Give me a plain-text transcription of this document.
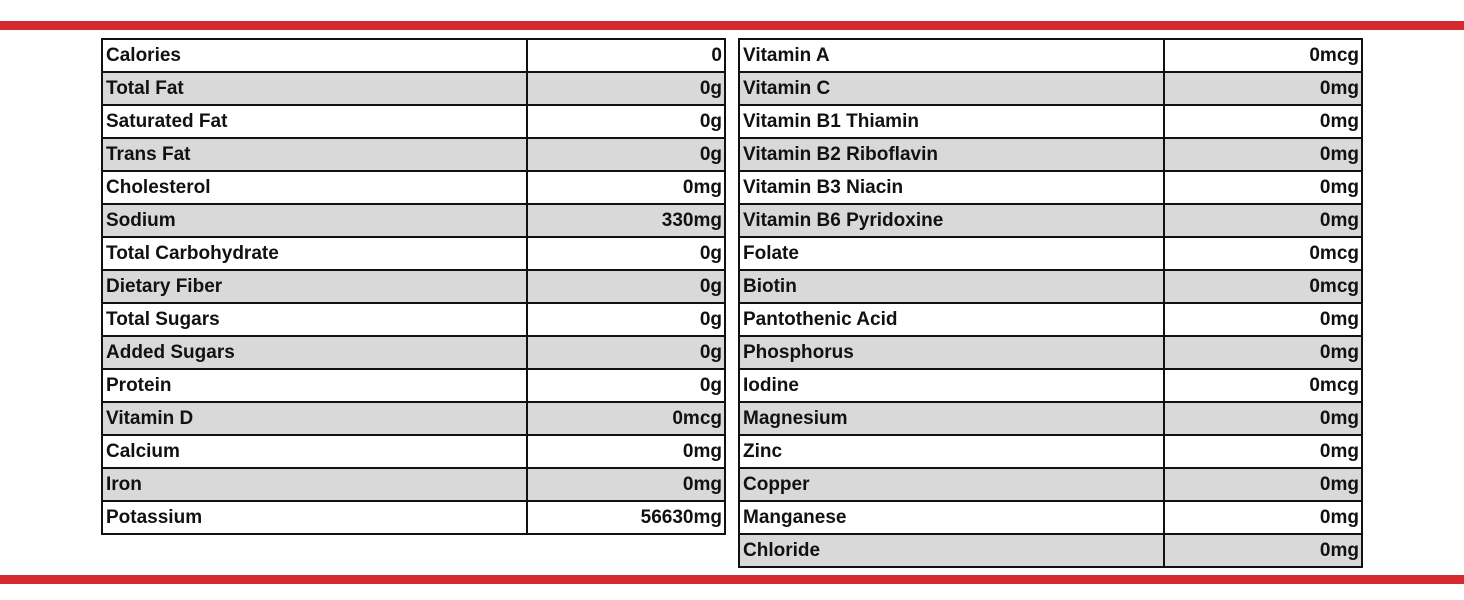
Calories	0
Total Fat	0g
Saturated Fat	0g
Trans Fat	0g
Cholesterol	0mg
Sodium	330mg
Total Carbohydrate	0g
Dietary Fiber	0g
Total Sugars	0g
Added Sugars	0g
Protein	0g
Vitamin D	0mcg
Calcium	0mg
Iron	0mg
Potassium	56630mg
Vitamin A	0mcg
Vitamin C	0mg
Vitamin B1 Thiamin	0mg
Vitamin B2 Riboflavin	0mg
Vitamin B3 Niacin	0mg
Vitamin B6 Pyridoxine	0mg
Folate	0mcg
Biotin	0mcg
Pantothenic Acid	0mg
Phosphorus	0mg
Iodine	0mcg
Magnesium	0mg
Zinc	0mg
Copper	0mg
Manganese	0mg
Chloride	0mg
